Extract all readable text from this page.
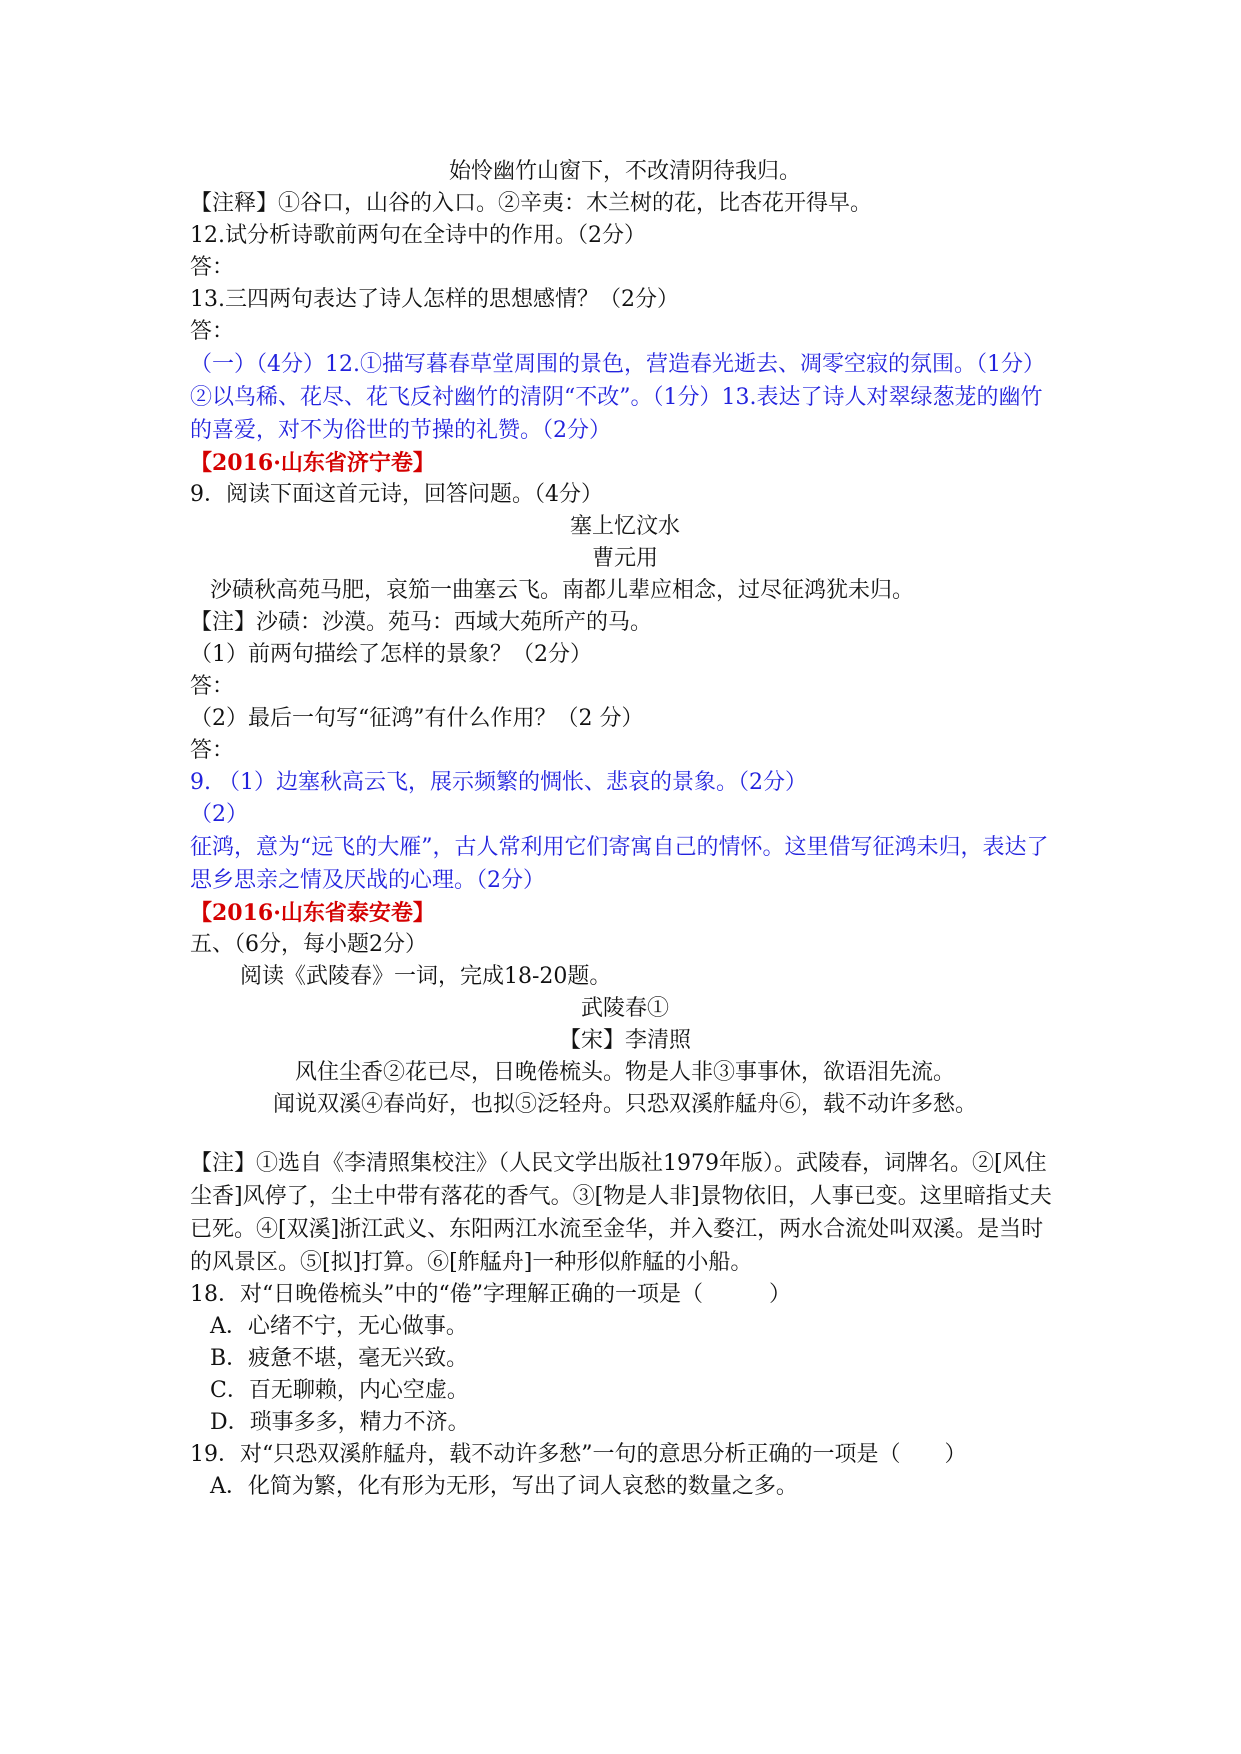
始怜幽竹山窗下，不改清阴待我归。
【注释】①谷口，山谷的入口。②辛夷：木兰树的花，比杏花开得早。
12.试分析诗歌前两句在全诗中的作用。（2分）
答：
13.三四两句表达了诗人怎样的思想感情？（2分）
答：
（一）（4分）12.①描写暮春草堂周围的景色，营造春光逝去、凋零空寂的氛围。（1分）②以鸟稀、花尽、花飞反衬幽竹的清阴“不改”。（1分）13.表达了诗人对翠绿葱茏的幽竹的喜爱，对不为俗世的节操的礼赞。（2分）
【2016·山东省济宁卷】
9．阅读下面这首元诗，回答问题。（4分）
塞上忆汶水
曹元用
沙碛秋高苑马肥，哀笳一曲塞云飞。南都儿辈应相念，过尽征鸿犹未归。
【注】沙碛：沙漠。苑马：西域大苑所产的马。
（1）前两句描绘了怎样的景象？（2分）
答：
（2）最后一句写“征鸿”有什么作用？（2 分）
答：
9. （1）边塞秋高云飞，展示频繁的惆怅、悲哀的景象。（2分）
（2）
征鸿，意为“远飞的大雁”，古人常利用它们寄寓自己的情怀。这里借写征鸿未归，表达了思乡思亲之情及厌战的心理。（2分）
【2016·山东省泰安卷】
五、（6分，每小题2分）
阅读《武陵春》一词，完成18-20题。
武陵春①
【宋】李清照
风住尘香②花已尽，日晚倦梳头。物是人非③事事休，欲语泪先流。
闻说双溪④春尚好，也拟⑤泛轻舟。只恐双溪舴艋舟⑥，载不动许多愁。
【注】①选自《李清照集校注》（人民文学出版社1979年版）。武陵春，词牌名。②[风住尘香]风停了，尘土中带有落花的香气。③[物是人非]景物依旧，人事已变。这里暗指丈夫已死。④[双溪]浙江武义、东阳两江水流至金华，并入婺江，两水合流处叫双溪。是当时的风景区。⑤[拟]打算。⑥[舴艋舟]一种形似舴艋的小船。
18．对“日晚倦梳头”中的“倦”字理解正确的一项是（　　　）
A．心绪不宁，无心做事。
B．疲惫不堪，毫无兴致。
C．百无聊赖，内心空虚。
D．琐事多多，精力不济。
19．对“只恐双溪舴艋舟，载不动许多愁”一句的意思分析正确的一项是（　　）
A．化简为繁，化有形为无形，写出了词人哀愁的数量之多。
